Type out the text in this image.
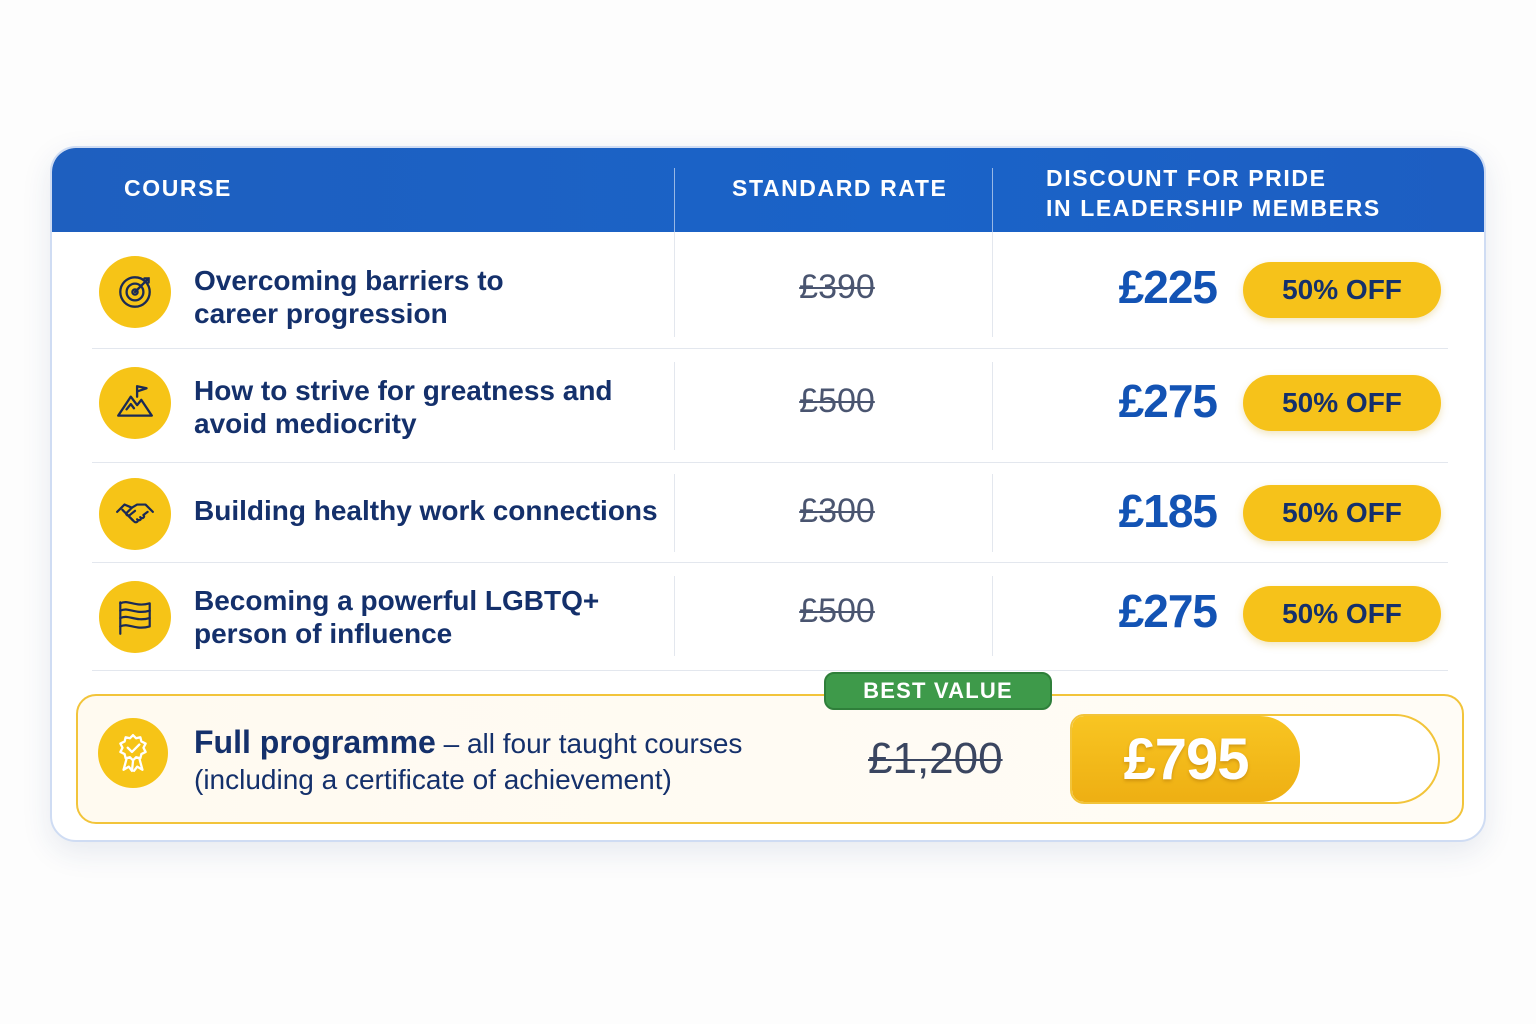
COURSE	STANDARD RATE	DISCOUNT FOR PRIDE
IN LEADERSHIP MEMBERS
Overcoming barriers to
career progression
£390	£225	50% OFF
How to strive for greatness and
avoid mediocrity
£500	£275	50% OFF
Building healthy work connections	£300	£185	50% OFF
Becoming a powerful LGBTQ+
person of influence
£500	£275	50% OFF
Full programme – all four taught courses
(including a certificate of achievement)	£1,200	£795
BEST VALUE
